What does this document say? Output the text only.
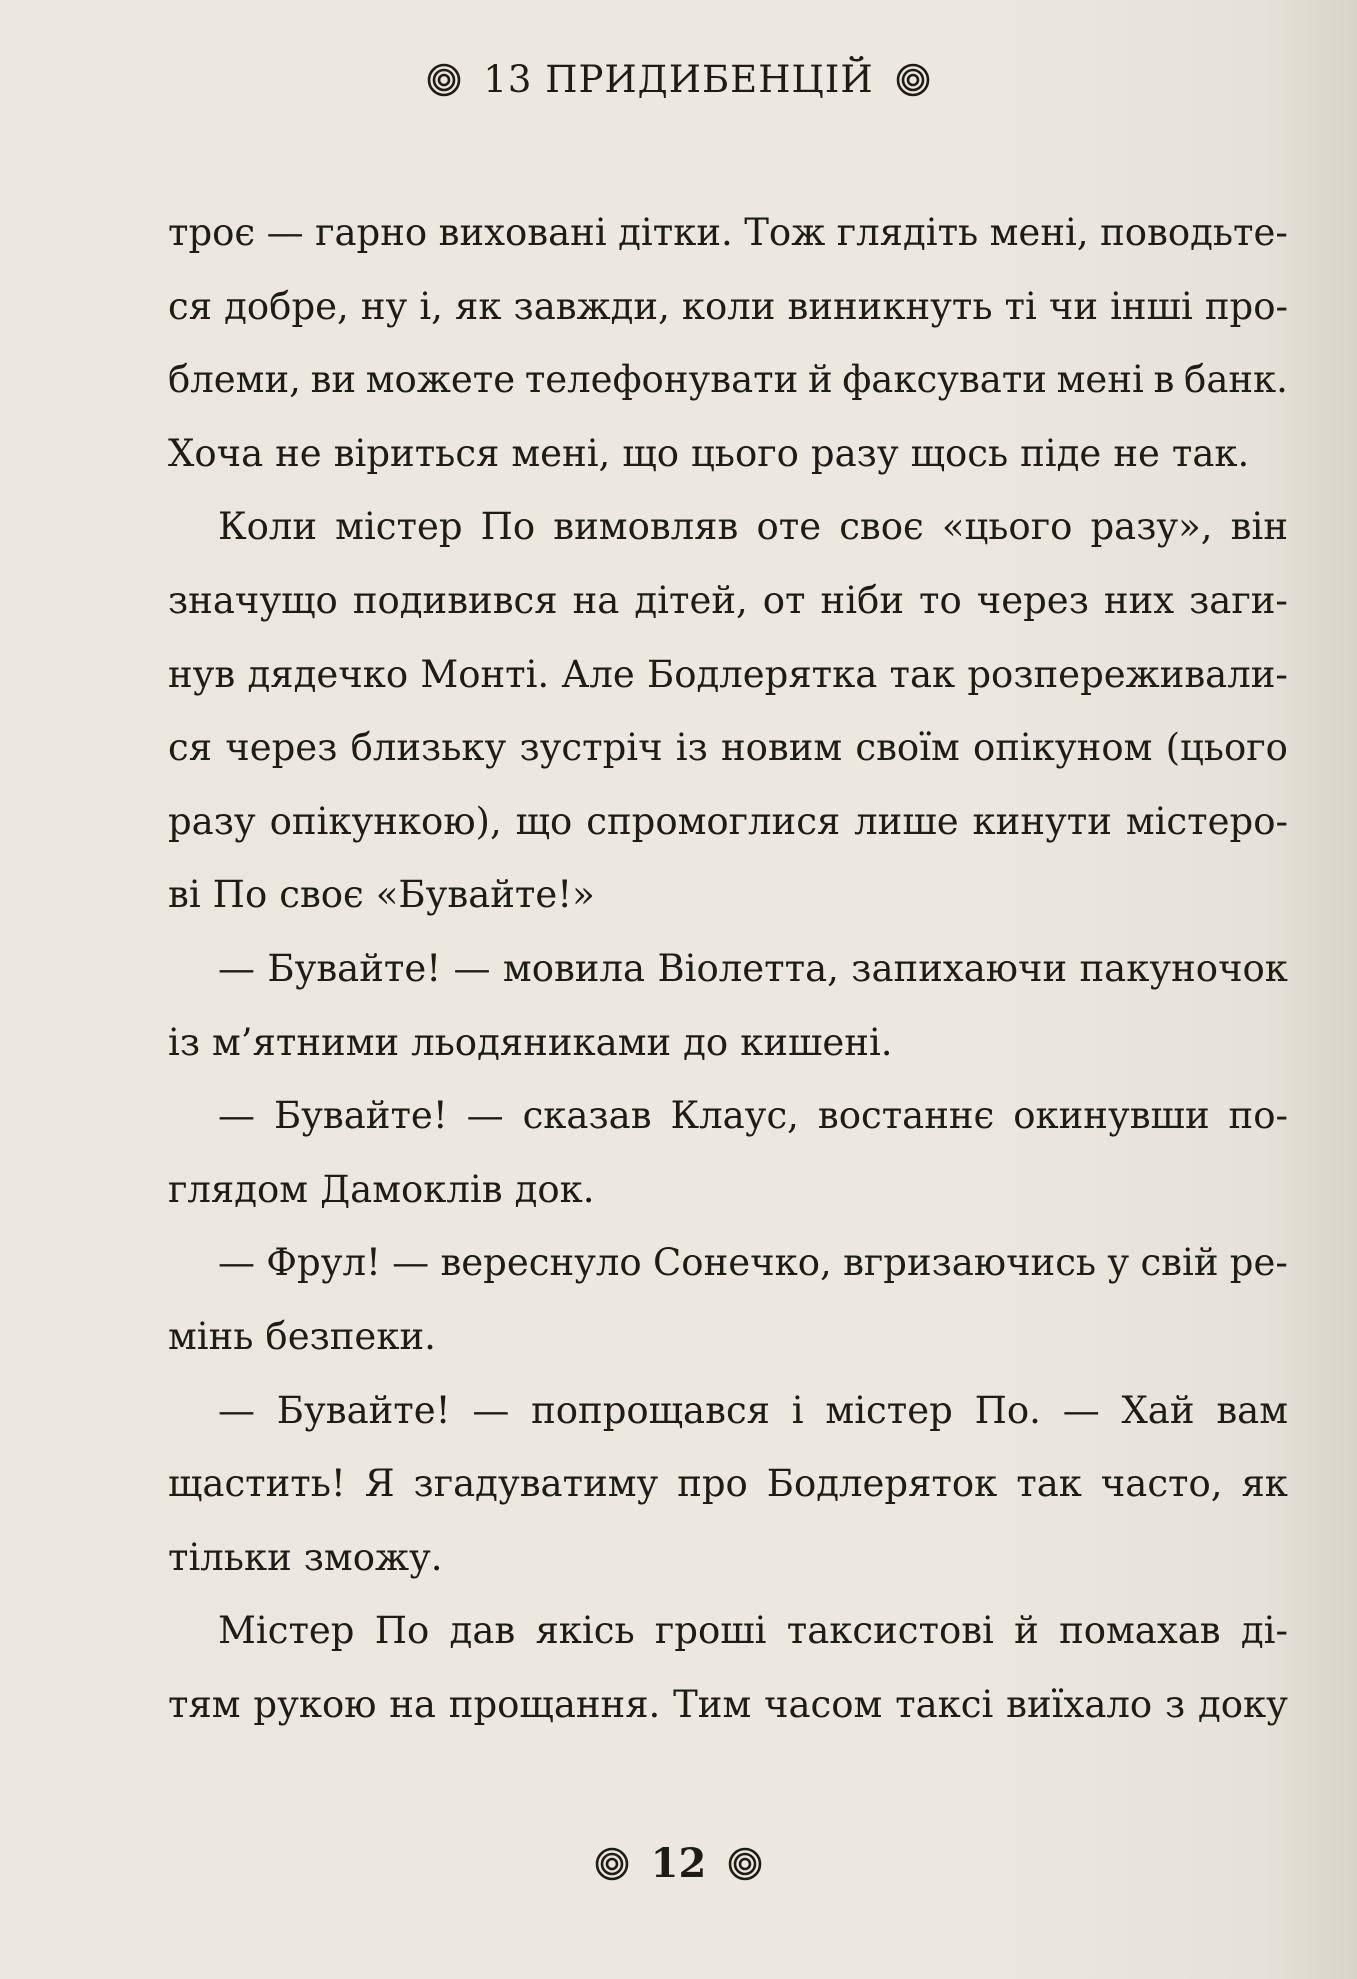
13 ПРИДИБЕНЦІЙ
троє — гарно виховані дітки. Тож глядіть мені, поводьте-
ся добре, ну і, як завжди, коли виникнуть ті чи інші про-
блеми, ви можете телефонувати й факсувати мені в банк.
Хоча не віриться мені, що цього разу щось піде не так.
Коли містер По вимовляв оте своє «цього разу», він
значущо подивився на дітей, от ніби то через них заги-
нув дядечко Монті. Але Бодлерятка так розпереживали-
ся через близьку зустріч із новим своїм опікуном (цього
разу опікункою), що спромоглися лише кинути містеро-
ві По своє «Бувайте!»
— Бувайте! — мовила Віолетта, запихаючи пакуночок
із м’ятними льодяниками до кишені.
— Бувайте! — сказав Клаус, востаннє окинувши по-
глядом Дамоклів док.
— Фрул! — вереснуло Сонечко, вгризаючись у свій ре-
мінь безпеки.
— Бувайте! — попрощався і містер По. — Хай вам
щастить! Я згадуватиму про Бодлеряток так часто, як
тільки зможу.
Містер По дав якісь гроші таксистові й помахав ді-
тям рукою на прощання. Тим часом таксі виїхало з доку
12
